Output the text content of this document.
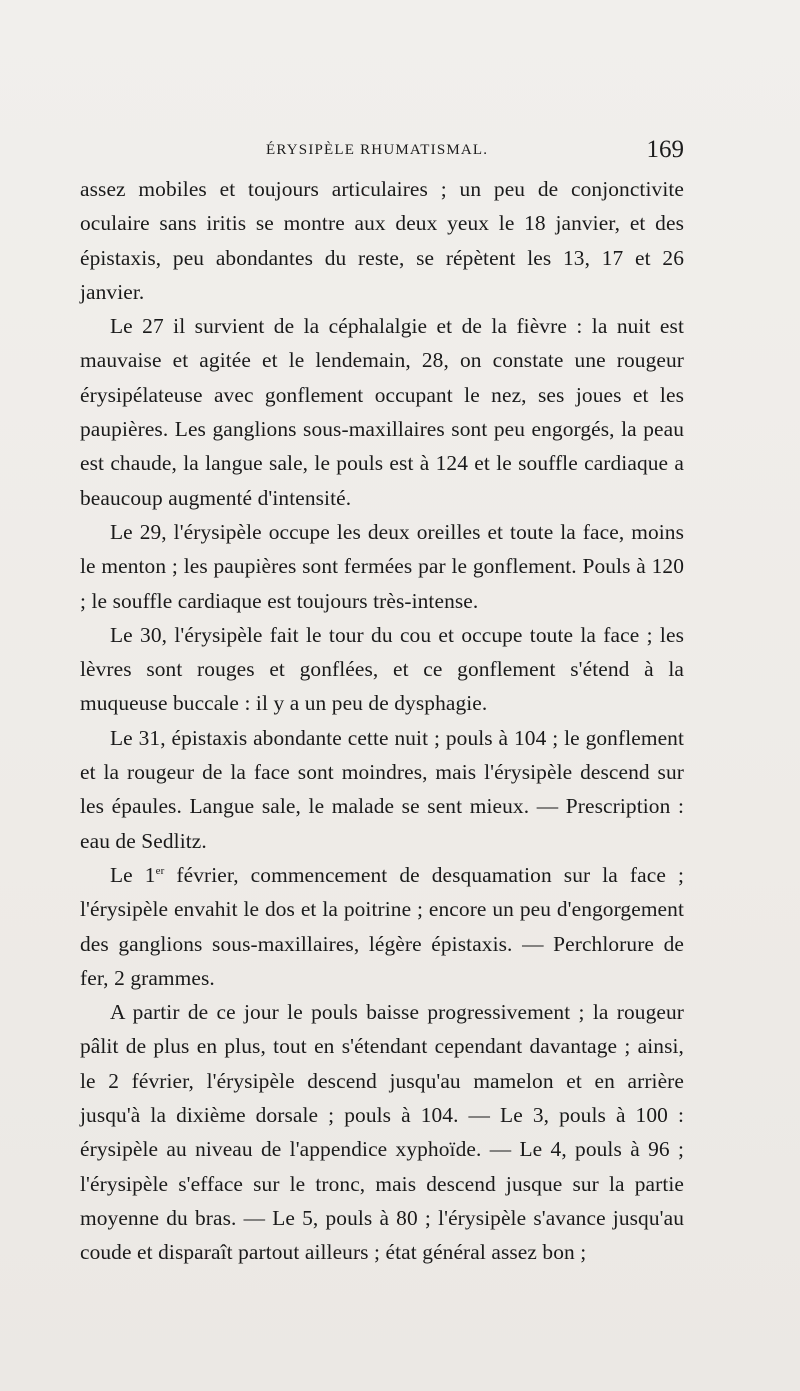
ÉRYSIPÈLE RHUMATISMAL.	169

assez mobiles et toujours articulaires ; un peu de conjonctivite oculaire sans iritis se montre aux deux yeux le 18 janvier, et des épistaxis, peu abondantes du reste, se répètent les 13, 17 et 26 janvier.

Le 27 il survient de la céphalalgie et de la fièvre : la nuit est mauvaise et agitée et le lendemain, 28, on constate une rougeur érysipélateuse avec gonflement occupant le nez, ses joues et les paupières. Les ganglions sous-maxillaires sont peu engorgés, la peau est chaude, la langue sale, le pouls est à 124 et le souffle cardiaque a beaucoup augmenté d'intensité.

Le 29, l'érysipèle occupe les deux oreilles et toute la face, moins le menton ; les paupières sont fermées par le gonflement. Pouls à 120 ; le souffle cardiaque est toujours très-intense.

Le 30, l'érysipèle fait le tour du cou et occupe toute la face ; les lèvres sont rouges et gonflées, et ce gonflement s'étend à la muqueuse buccale : il y a un peu de dysphagie.

Le 31, épistaxis abondante cette nuit ; pouls à 104 ; le gonflement et la rougeur de la face sont moindres, mais l'érysipèle descend sur les épaules. Langue sale, le malade se sent mieux. — Prescription : eau de Sedlitz.

Le 1er février, commencement de desquamation sur la face ; l'érysipèle envahit le dos et la poitrine ; encore un peu d'engorgement des ganglions sous-maxillaires, légère épistaxis. — Perchlorure de fer, 2 grammes.

A partir de ce jour le pouls baisse progressivement ; la rougeur pâlit de plus en plus, tout en s'étendant cependant davantage ; ainsi, le 2 février, l'érysipèle descend jusqu'au mamelon et en arrière jusqu'à la dixième dorsale ; pouls à 104. — Le 3, pouls à 100 : érysipèle au niveau de l'appendice xyphoïde. — Le 4, pouls à 96 ; l'érysipèle s'efface sur le tronc, mais descend jusque sur la partie moyenne du bras. — Le 5, pouls à 80 ; l'érysipèle s'avance jusqu'au coude et disparaît partout ailleurs ; état général assez bon ;
